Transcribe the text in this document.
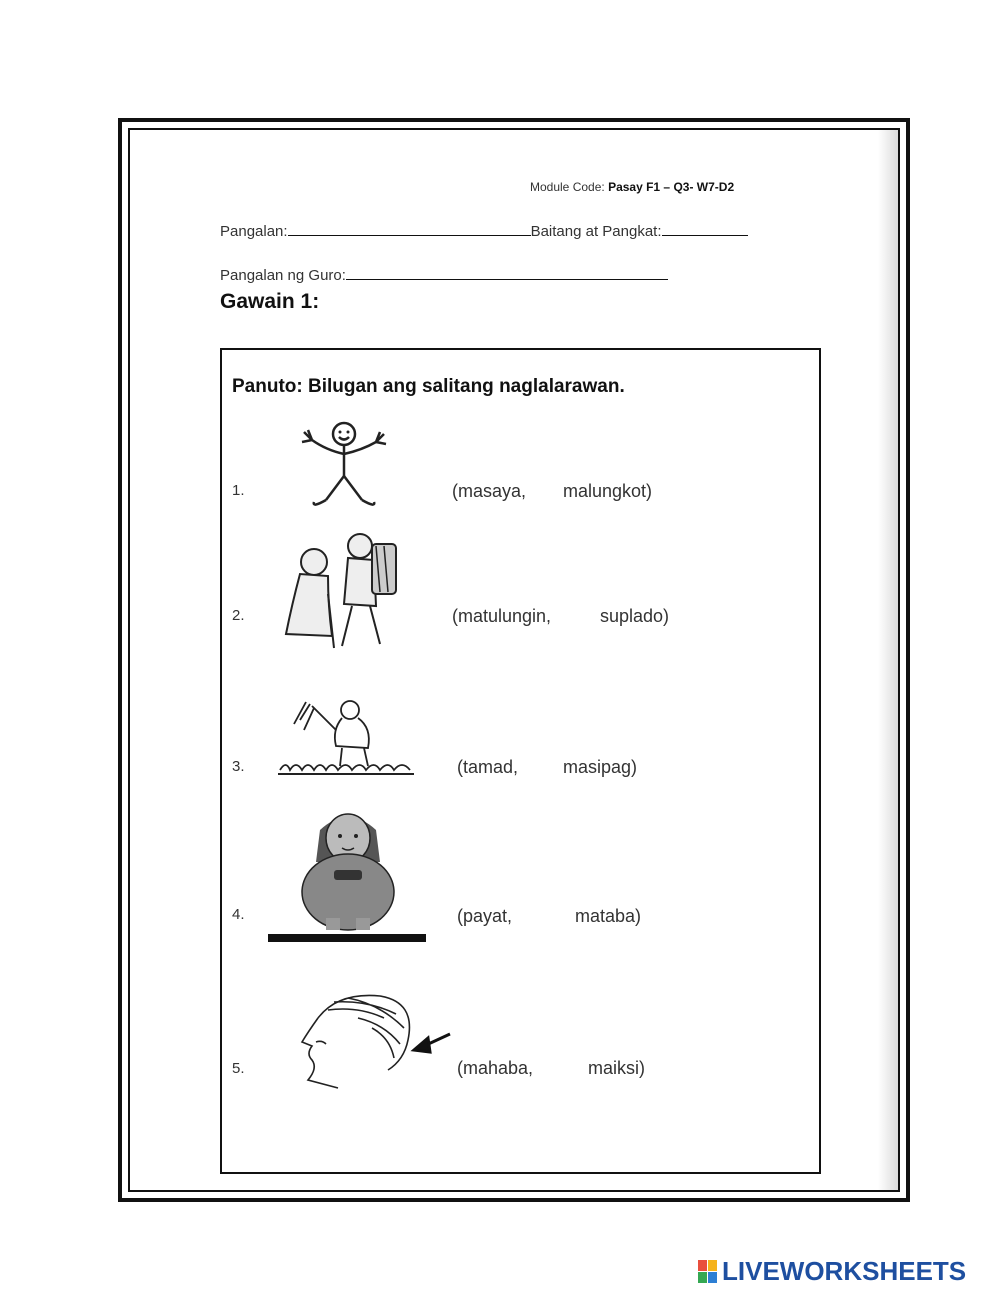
Module Code: Pasay F1 – Q3- W7-D2
Pangalan:	Baitang at Pangkat:
Pangalan ng Guro:
Gawain 1:
Panuto: Bilugan ang salitang naglalarawan.
1.	(masaya, malungkot)
2.	(matulungin,	suplado)
3.	(tamad, masipag)
4.	(payat,	mataba)
5.	(mahaba,	maiksi)
LIVEWORKSHEETS
